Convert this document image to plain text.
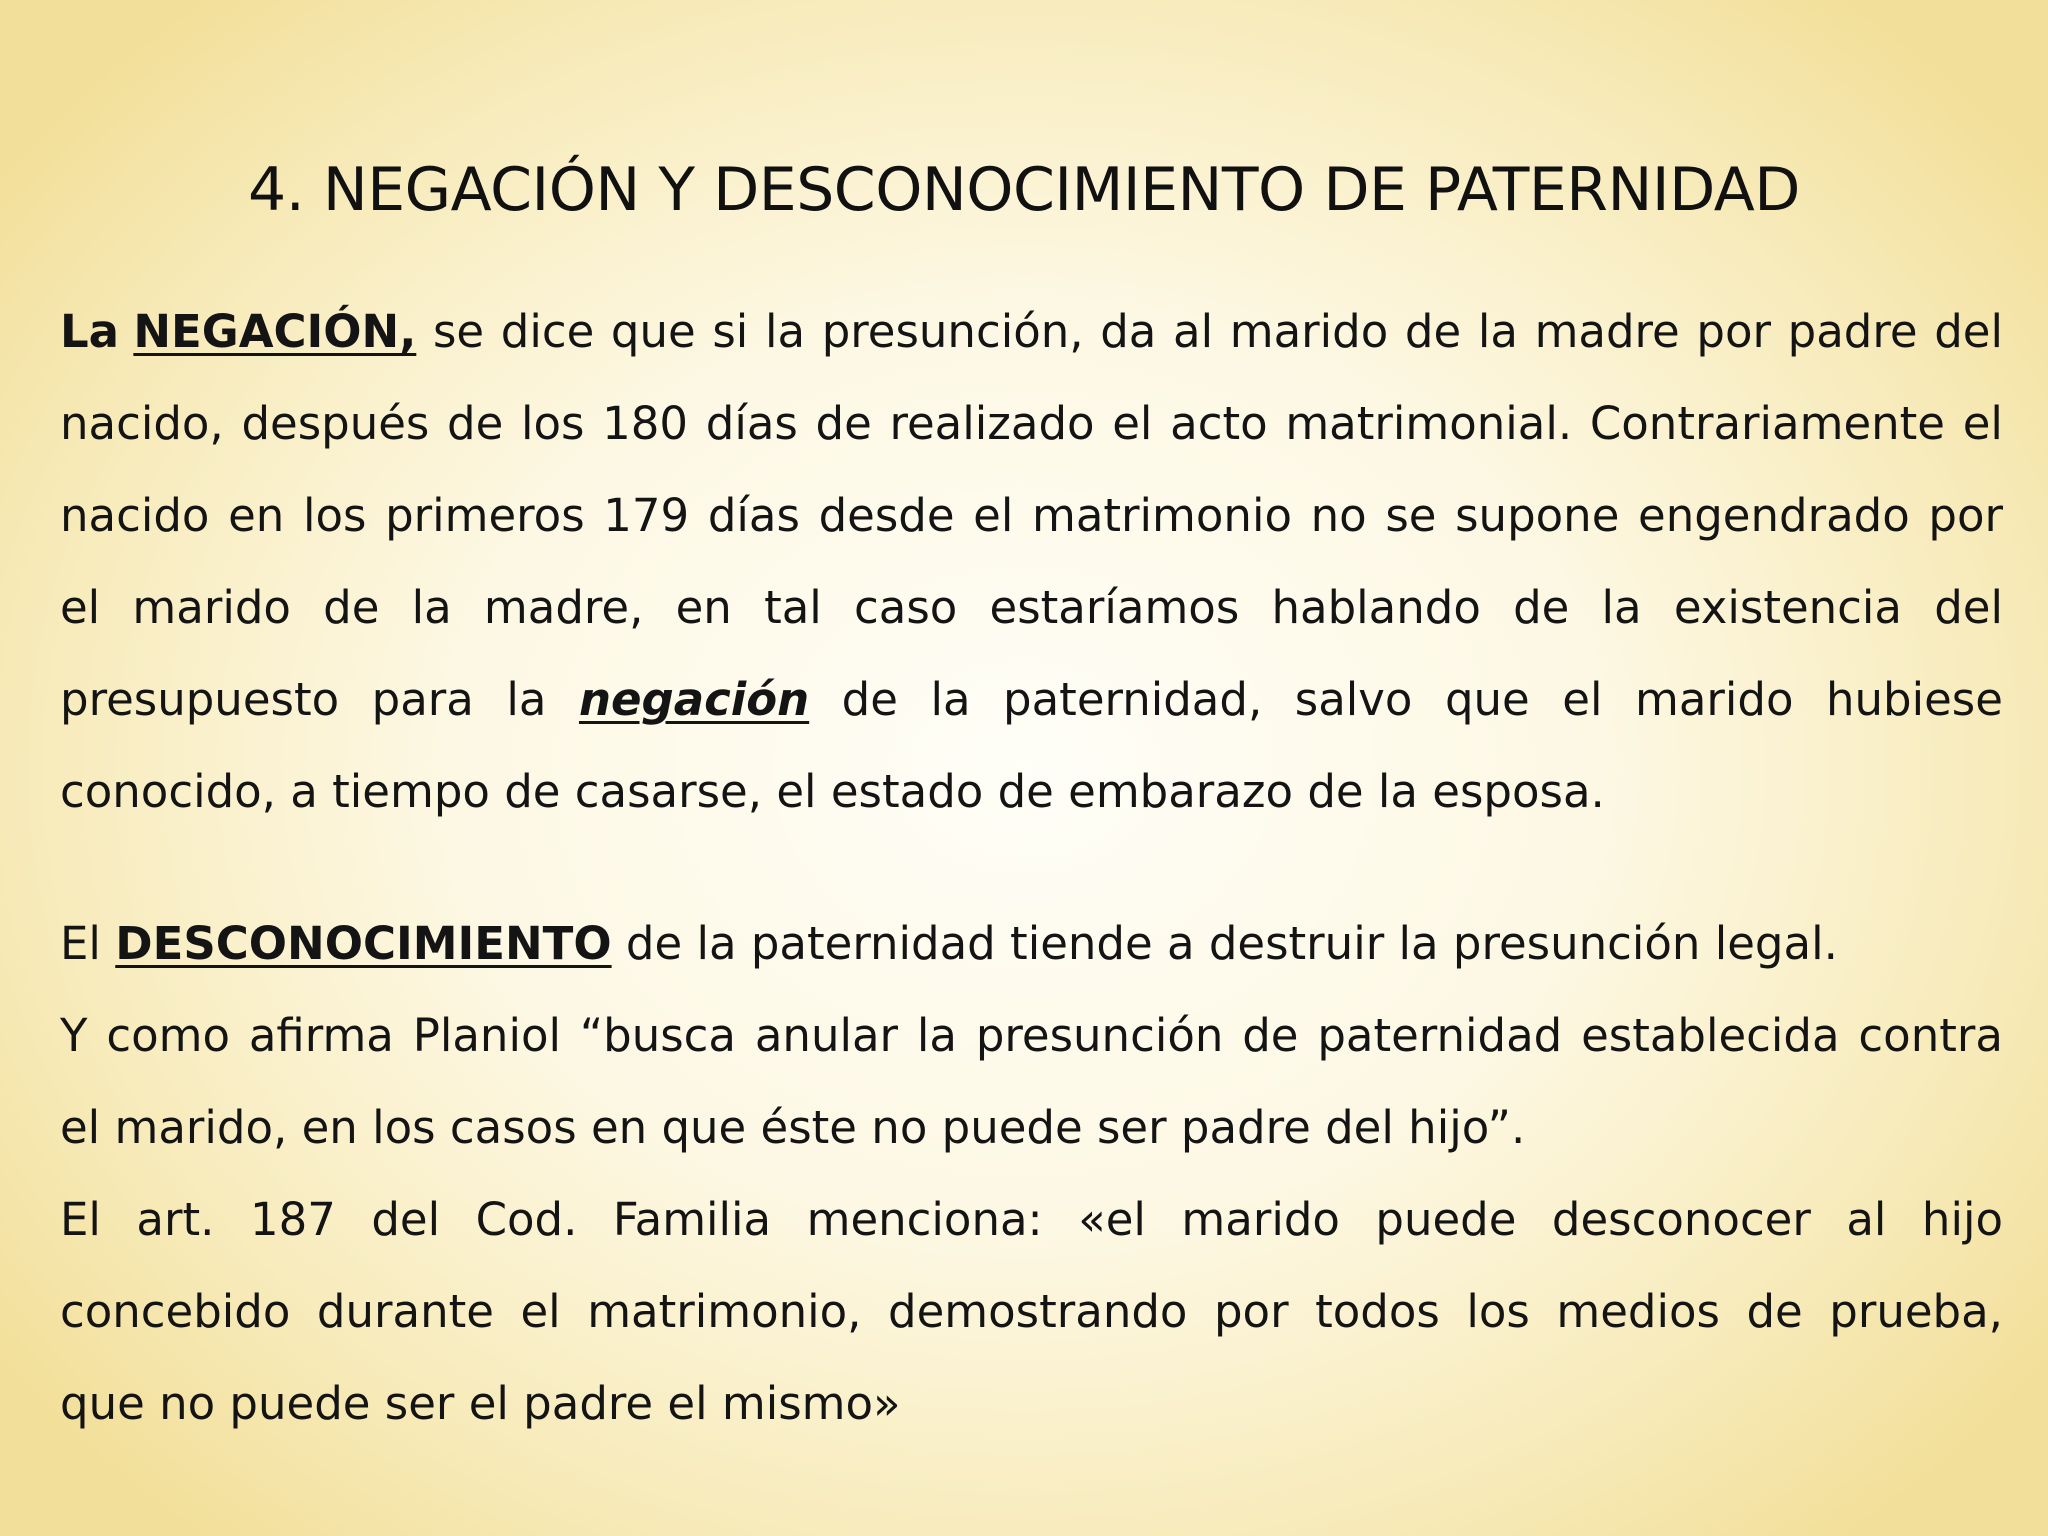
4. NEGACIÓN Y DESCONOCIMIENTO DE PATERNIDAD

La NEGACIÓN, se dice que si la presunción, da al marido de la madre por padre del

nacido, después de los 180 días de realizado el acto matrimonial. Contrariamente el

nacido en los primeros 179 días desde el matrimonio no se supone engendrado por

el marido de la madre, en tal caso estaríamos hablando de la existencia del

presupuesto para la negación de la paternidad, salvo que el marido hubiese

conocido, a tiempo de casarse, el estado de embarazo de la esposa.

El DESCONOCIMIENTO de la paternidad tiende a destruir la presunción legal.

Y como afirma Planiol “busca anular la presunción de paternidad establecida contra

el marido, en los casos en que éste no puede ser padre del hijo”.

El art. 187 del Cod. Familia menciona: «el marido puede desconocer al hijo

concebido durante el matrimonio, demostrando por todos los medios de prueba,

que no puede ser el padre el mismo»
